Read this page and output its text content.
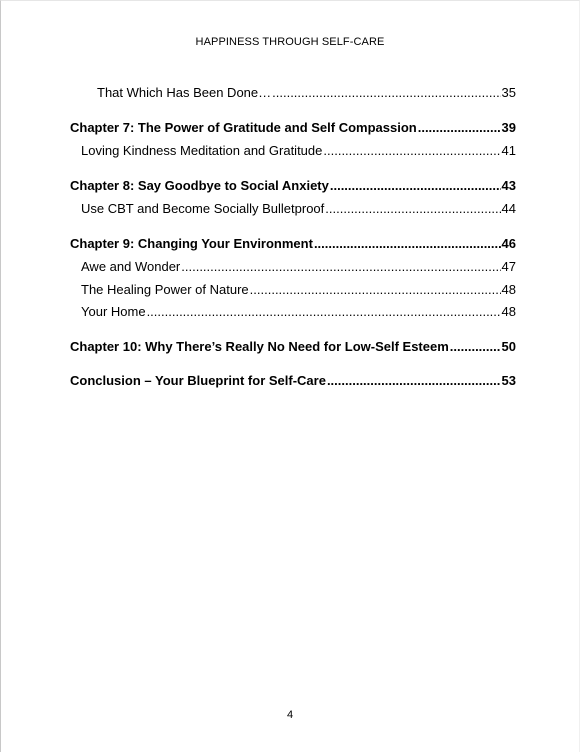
HAPPINESS THROUGH SELF-CARE
That Which Has Been Done… .....	35
Chapter 7: The Power of Gratitude and Self Compassion .....	39
Loving Kindness Meditation and Gratitude .....	41
Chapter 8: Say Goodbye to Social Anxiety .....	43
Use CBT and Become Socially Bulletproof .....	44
Chapter 9: Changing Your Environment .....	46
Awe and Wonder .....	47
The Healing Power of Nature .....	48
Your Home .....	48
Chapter 10: Why There’s Really No Need for Low-Self Esteem .....	50
Conclusion – Your Blueprint for Self-Care .....	53
4
